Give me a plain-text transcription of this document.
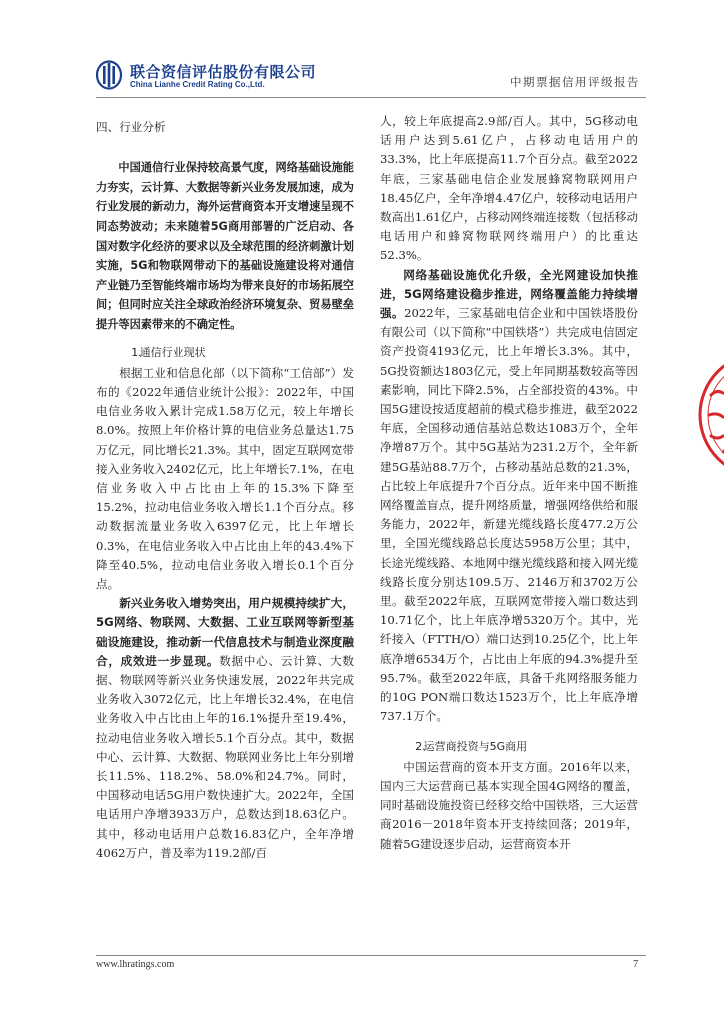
联合资信评估股份有限公司
China Lianhe Credit Rating Co.,Ltd.	中期票据信用评级报告

四、行业分析

中国通信行业保持较高景气度，网络基础设施能力夯实，云计算、大数据等新兴业务发展加速，成为行业发展的新动力，海外运营商资本开支增速呈现不同态势波动；未来随着5G商用部署的广泛启动、各国对数字化经济的要求以及全球范围的经济刺激计划实施，5G和物联网带动下的基础设施建设将对通信产业链乃至智能终端市场均为带来良好的市场拓展空间；但同时应关注全球政治经济环境复杂、贸易壁垒提升等因素带来的不确定性。

1.通信行业现状

根据工业和信息化部（以下简称“工信部”）发布的《2022年通信业统计公报》：2022年，中国电信业务收入累计完成1.58万亿元，较上年增长8.0%。按照上年价格计算的电信业务总量达1.75万亿元，同比增长21.3%。其中，固定互联网宽带接入业务收入2402亿元，比上年增长7.1%，在电信业务收入中占比由上年的15.3%下降至15.2%，拉动电信业务收入增长1.1个百分点。移动数据流量业务收入6397亿元，比上年增长0.3%，在电信业务收入中占比由上年的43.4%下降至40.5%，拉动电信业务收入增长0.1个百分点。

新兴业务收入增势突出，用户规模持续扩大，5G网络、物联网、大数据、工业互联网等新型基础设施建设，推动新一代信息技术与制造业深度融合，成效进一步显现。数据中心、云计算、大数据、物联网等新兴业务快速发展，2022年共完成业务收入3072亿元，比上年增长32.4%，在电信业务收入中占比由上年的16.1%提升至19.4%，拉动电信业务收入增长5.1个百分点。其中，数据中心、云计算、大数据、物联网业务比上年分别增长11.5%、118.2%、58.0%和24.7%。同时，中国移动电话5G用户数快速扩大。2022年，全国电话用户净增3933万户，总数达到18.63亿户。其中，移动电话用户总数16.83亿户，全年净增4062万户，普及率为119.2部/百

人，较上年底提高2.9部/百人。其中，5G移动电话用户达到5.61亿户，占移动电话用户的33.3%，比上年底提高11.7个百分点。截至2022年底，三家基础电信企业发展蜂窝物联网用户18.45亿户，全年净增4.47亿户，较移动电话用户数高出1.61亿户，占移动网终端连接数（包括移动电话用户和蜂窝物联网终端用户）的比重达52.3%。

网络基础设施优化升级，全光网建设加快推进，5G网络建设稳步推进，网络覆盖能力持续增强。2022年，三家基础电信企业和中国铁塔股份有限公司（以下简称“中国铁塔”）共完成电信固定资产投资4193亿元，比上年增长3.3%。其中，5G投资额达1803亿元，受上年同期基数较高等因素影响，同比下降2.5%，占全部投资的43%。中国5G建设按适度超前的模式稳步推进，截至2022年底，全国移动通信基站总数达1083万个，全年净增87万个。其中5G基站为231.2万个，全年新建5G基站88.7万个，占移动基站总数的21.3%，占比较上年底提升7个百分点。近年来中国不断推网络覆盖盲点，提升网络质量，增强网络供给和服务能力，2022年，新建光缆线路长度477.2万公里，全国光缆线路总长度达5958万公里；其中，长途光缆线路、本地网中继光缆线路和接入网光缆线路长度分别达109.5万、2146万和3702万公里。截至2022年底，互联网宽带接入端口数达到10.71亿个，比上年底净增5320万个。其中，光纤接入（FTTH/O）端口达到10.25亿个，比上年底净增6534万个，占比由上年底的94.3%提升至95.7%。截至2022年底，具备千兆网络服务能力的10G PON端口数达1523万个，比上年底净增737.1万个。

2.运营商投资与5G商用

中国运营商的资本开支方面。2016年以来，国内三大运营商已基本实现全国4G网络的覆盖，同时基础设施投资已经移交给中国铁塔，三大运营商2016－2018年资本开支持续回落；2019年，随着5G建设逐步启动，运营商资本开

www.lhratings.com	7
